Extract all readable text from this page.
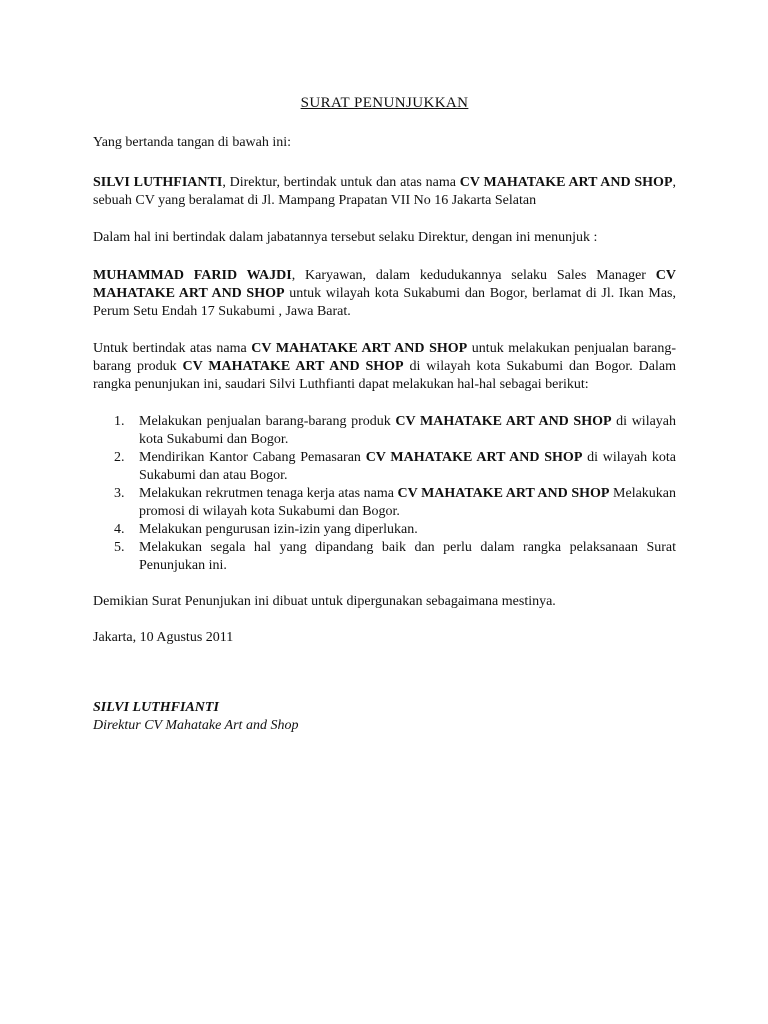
SURAT PENUNJUKKAN

Yang bertanda tangan di bawah ini:

SILVI LUTHFIANTI, Direktur, bertindak untuk dan atas nama CV MAHATAKE ART AND SHOP, sebuah CV yang beralamat di Jl. Mampang Prapatan VII No 16 Jakarta Selatan

Dalam hal ini bertindak dalam jabatannya tersebut selaku Direktur, dengan ini menunjuk :

MUHAMMAD FARID WAJDI, Karyawan, dalam kedudukannya selaku Sales Manager CV MAHATAKE ART AND SHOP untuk wilayah kota Sukabumi dan Bogor, berlamat di Jl. Ikan Mas, Perum Setu Endah 17 Sukabumi , Jawa Barat.

Untuk bertindak atas nama CV MAHATAKE ART AND SHOP untuk melakukan penjualan barang-barang produk CV MAHATAKE ART AND SHOP di wilayah kota Sukabumi dan Bogor. Dalam rangka penunjukan ini, saudari Silvi Luthfianti dapat melakukan hal-hal sebagai berikut:

1. Melakukan penjualan barang-barang produk CV MAHATAKE ART AND SHOP di wilayah kota Sukabumi dan Bogor.
2. Mendirikan Kantor Cabang Pemasaran CV MAHATAKE ART AND SHOP di wilayah kota Sukabumi dan atau Bogor.
3. Melakukan rekrutmen tenaga kerja atas nama CV MAHATAKE ART AND SHOP Melakukan promosi di wilayah kota Sukabumi dan Bogor.
4. Melakukan pengurusan izin-izin yang diperlukan.
5. Melakukan segala hal yang dipandang baik dan perlu dalam rangka pelaksanaan Surat Penunjukan ini.

Demikian Surat Penunjukan ini dibuat untuk dipergunakan sebagaimana mestinya.

Jakarta, 10 Agustus 2011

SILVI LUTHFIANTI
Direktur CV Mahatake Art and Shop
